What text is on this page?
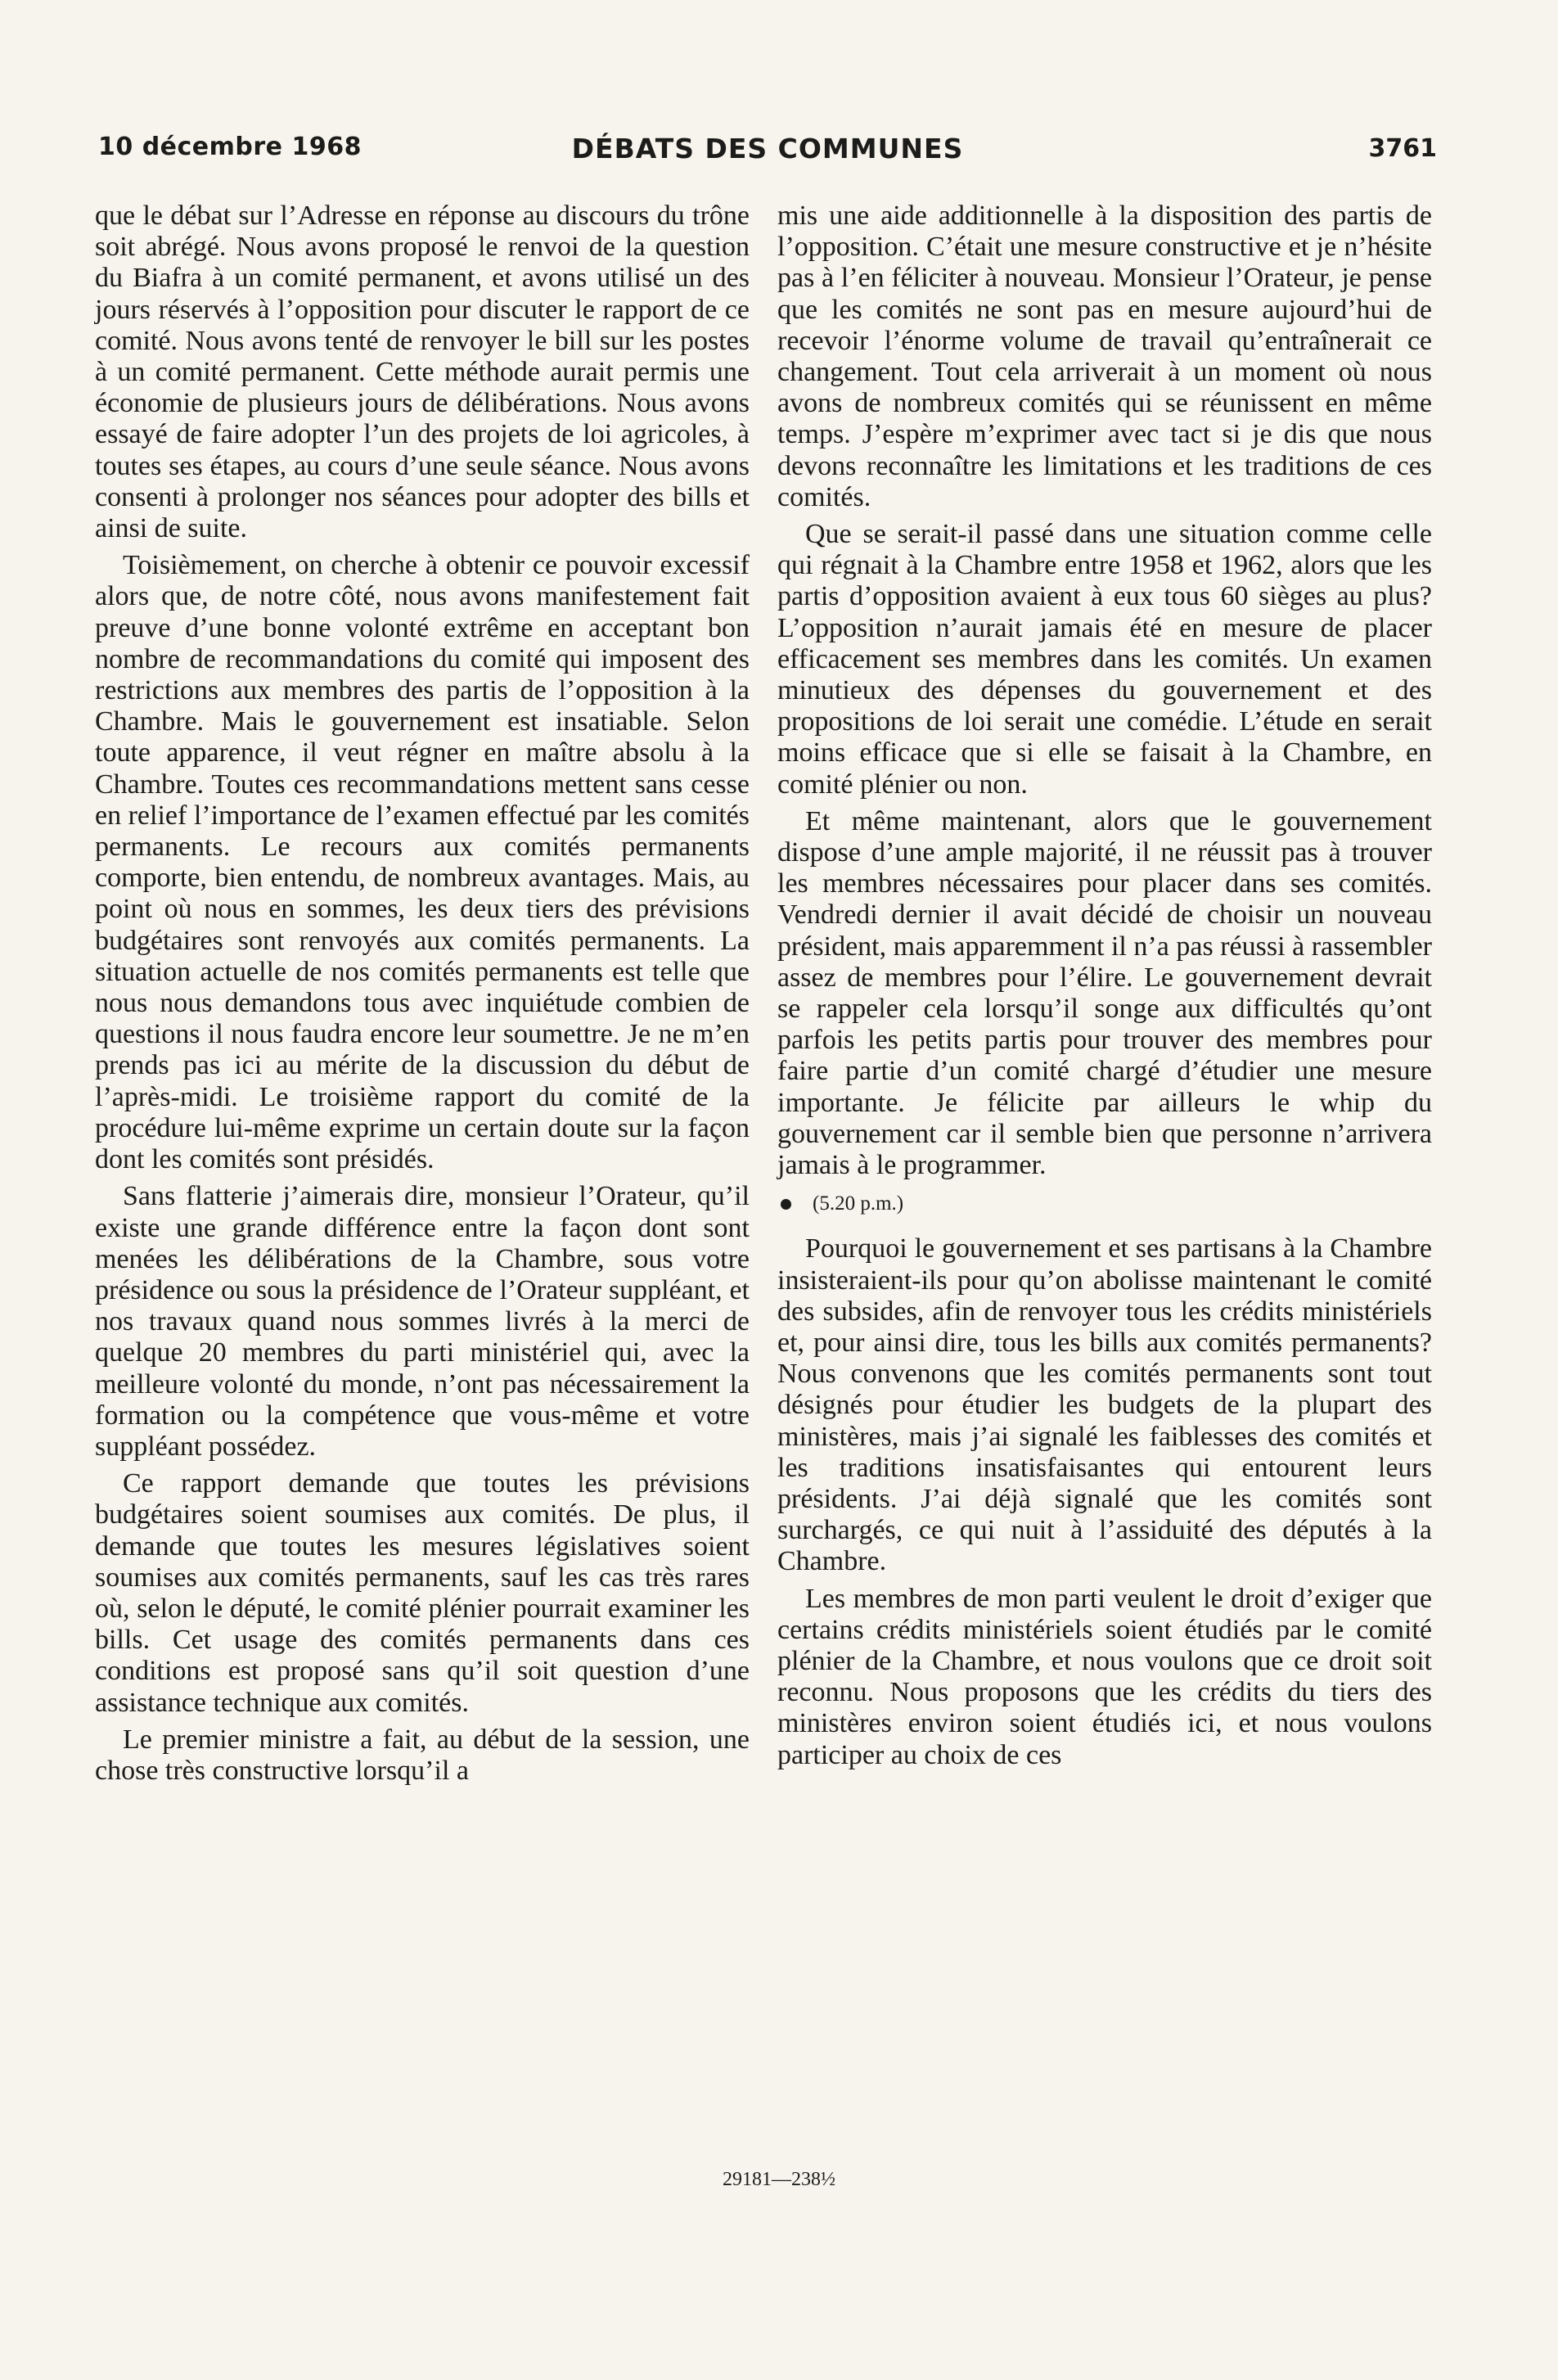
10 décembre 1968	DÉBATS DES COMMUNES	3761

que le débat sur l’Adresse en réponse au discours du trône soit abrégé. Nous avons proposé le renvoi de la question du Biafra à un comité permanent, et avons utilisé un des jours réservés à l’opposition pour discuter le rapport de ce comité. Nous avons tenté de renvoyer le bill sur les postes à un comité permanent. Cette méthode aurait permis une économie de plusieurs jours de délibérations. Nous avons essayé de faire adopter l’un des projets de loi agricoles, à toutes ses étapes, au cours d’une seule séance. Nous avons consenti à prolonger nos séances pour adopter des bills et ainsi de suite.

Toisièmement, on cherche à obtenir ce pouvoir excessif alors que, de notre côté, nous avons manifestement fait preuve d’une bonne volonté extrême en acceptant bon nombre de recommandations du comité qui imposent des restrictions aux membres des partis de l’opposition à la Chambre. Mais le gouvernement est insatiable. Selon toute apparence, il veut régner en maître absolu à la Chambre. Toutes ces recommandations mettent sans cesse en relief l’importance de l’examen effectué par les comités permanents. Le recours aux comités permanents comporte, bien entendu, de nombreux avantages. Mais, au point où nous en sommes, les deux tiers des prévisions budgétaires sont renvoyés aux comités permanents. La situation actuelle de nos comités permanents est telle que nous nous demandons tous avec inquiétude combien de questions il nous faudra encore leur soumettre. Je ne m’en prends pas ici au mérite de la discussion du début de l’après-midi. Le troisième rapport du comité de la procédure lui-même exprime un certain doute sur la façon dont les comités sont présidés.

Sans flatterie j’aimerais dire, monsieur l’Orateur, qu’il existe une grande différence entre la façon dont sont menées les délibérations de la Chambre, sous votre présidence ou sous la présidence de l’Orateur suppléant, et nos travaux quand nous sommes livrés à la merci de quelque 20 membres du parti ministériel qui, avec la meilleure volonté du monde, n’ont pas nécessairement la formation ou la compétence que vous-même et votre suppléant possédez.

Ce rapport demande que toutes les prévisions budgétaires soient soumises aux comités. De plus, il demande que toutes les mesures législatives soient soumises aux comités permanents, sauf les cas très rares où, selon le député, le comité plénier pourrait examiner les bills. Cet usage des comités permanents dans ces conditions est proposé sans qu’il soit question d’une assistance technique aux comités.

Le premier ministre a fait, au début de la session, une chose très constructive lorsqu’il a

mis une aide additionnelle à la disposition des partis de l’opposition. C’était une mesure constructive et je n’hésite pas à l’en féliciter à nouveau. Monsieur l’Orateur, je pense que les comités ne sont pas en mesure aujourd’hui de recevoir l’énorme volume de travail qu’entraînerait ce changement. Tout cela arriverait à un moment où nous avons de nombreux comités qui se réunissent en même temps. J’espère m’exprimer avec tact si je dis que nous devons reconnaître les limitations et les traditions de ces comités.

Que se serait-il passé dans une situation comme celle qui régnait à la Chambre entre 1958 et 1962, alors que les partis d’opposition avaient à eux tous 60 sièges au plus? L’opposition n’aurait jamais été en mesure de placer efficacement ses membres dans les comités. Un examen minutieux des dépenses du gouvernement et des propositions de loi serait une comédie. L’étude en serait moins efficace que si elle se faisait à la Chambre, en comité plénier ou non.

Et même maintenant, alors que le gouvernement dispose d’une ample majorité, il ne réussit pas à trouver les membres nécessaires pour placer dans ses comités. Vendredi dernier il avait décidé de choisir un nouveau président, mais apparemment il n’a pas réussi à rassembler assez de membres pour l’élire. Le gouvernement devrait se rappeler cela lorsqu’il songe aux difficultés qu’ont parfois les petits partis pour trouver des membres pour faire partie d’un comité chargé d’étudier une mesure importante. Je félicite par ailleurs le whip du gouvernement car il semble bien que personne n’arrivera jamais à le programmer.

(5.20 p.m.)

Pourquoi le gouvernement et ses partisans à la Chambre insisteraient-ils pour qu’on abolisse maintenant le comité des subsides, afin de renvoyer tous les crédits ministériels et, pour ainsi dire, tous les bills aux comités permanents? Nous convenons que les comités permanents sont tout désignés pour étudier les budgets de la plupart des ministères, mais j’ai signalé les faiblesses des comités et les traditions insatisfaisantes qui entourent leurs présidents. J’ai déjà signalé que les comités sont surchargés, ce qui nuit à l’assiduité des députés à la Chambre.

Les membres de mon parti veulent le droit d’exiger que certains crédits ministériels soient étudiés par le comité plénier de la Chambre, et nous voulons que ce droit soit reconnu. Nous proposons que les crédits du tiers des ministères environ soient étudiés ici, et nous voulons participer au choix de ces

29181—238½
